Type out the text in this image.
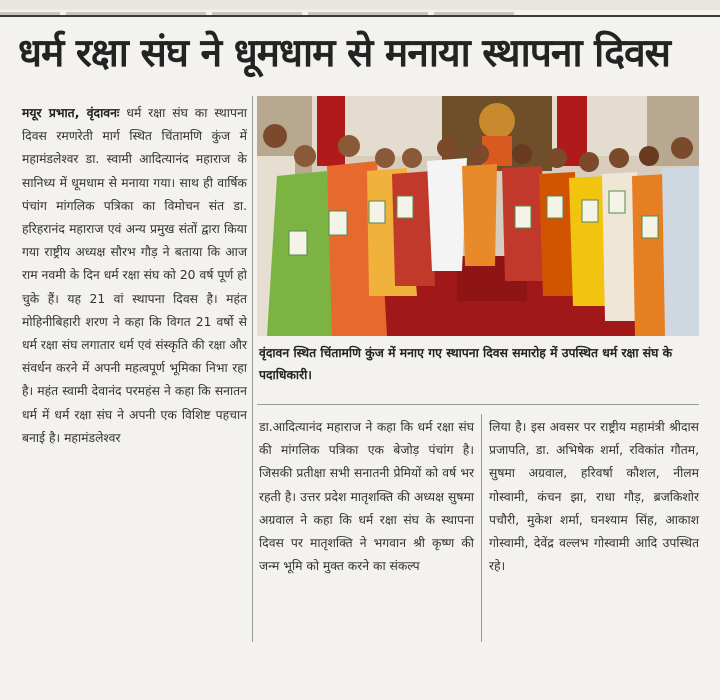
धर्म रक्षा संघ ने धूमधाम से मनाया स्थापना दिवस
मयूर प्रभात, वृंदावनः धर्म रक्षा संघ का स्थापना दिवस रमणरेती मार्ग स्थित चिंतामणि कुंज में महामंडलेश्वर डा. स्वामी आदित्यानंद महाराज के सानिध्य में धूमधाम से मनाया गया। साथ ही वार्षिक पंचांग मांगलिक पत्रिका का विमोचन संत डा. हरिहरानंद महाराज एवं अन्य प्रमुख संतों द्वारा किया गया राष्ट्रीय अध्यक्ष सौरभ गौड़ ने बताया कि आज राम नवमी के दिन धर्म रक्षा संघ को 20 वर्ष पूर्ण हो चुके हैं। यह 21 वां स्थापना दिवस है। महंत मोहिनीबिहारी शरण ने कहा कि विगत 21 वर्षो से धर्म रक्षा संघ लगातार धर्म एवं संस्कृति की रक्षा और संवर्धन करने में अपनी महत्वपूर्ण भूमिका निभा रहा है। महंत स्वामी देवानंद परमहंस ने कहा कि सनातन धर्म में धर्म रक्षा संघ ने अपनी एक विशिष्ट पहचान बनाई है। महामंडलेश्वर
वृंदावन स्थित चिंतामणि कुंज में मनाए गए स्थापना दिवस समारोह में उपस्थित धर्म रक्षा संघ के पदाधिकारी।
डा.आदित्यानंद महाराज ने कहा कि धर्म रक्षा संघ की मांगलिक पत्रिका एक बेजोड़ पंचांग है। जिसकी प्रतीक्षा सभी सनातनी प्रेमियों को वर्ष भर रहती है। उत्तर प्रदेश मातृशक्ति की अध्यक्ष सुषमा अग्रवाल ने कहा कि धर्म रक्षा संघ के स्थापना दिवस पर मातृशक्ति ने भगवान श्री कृष्ण की जन्म भूमि को मुक्त करने का संकल्प
लिया है। इस अवसर पर राष्ट्रीय महामंत्री श्रीदास प्रजापति, डा. अभिषेक शर्मा, रविकांत गौतम, सुषमा अग्रवाल, हरिवर्षा कौशल, नीलम गोस्वामी, कंचन झा, राधा गौड़, ब्रजकिशोर पचौरी, मुकेश शर्मा, घनश्याम सिंह, आकाश गोस्वामी, देवेंद्र वल्लभ गोस्वामी आदि उपस्थित रहे।
